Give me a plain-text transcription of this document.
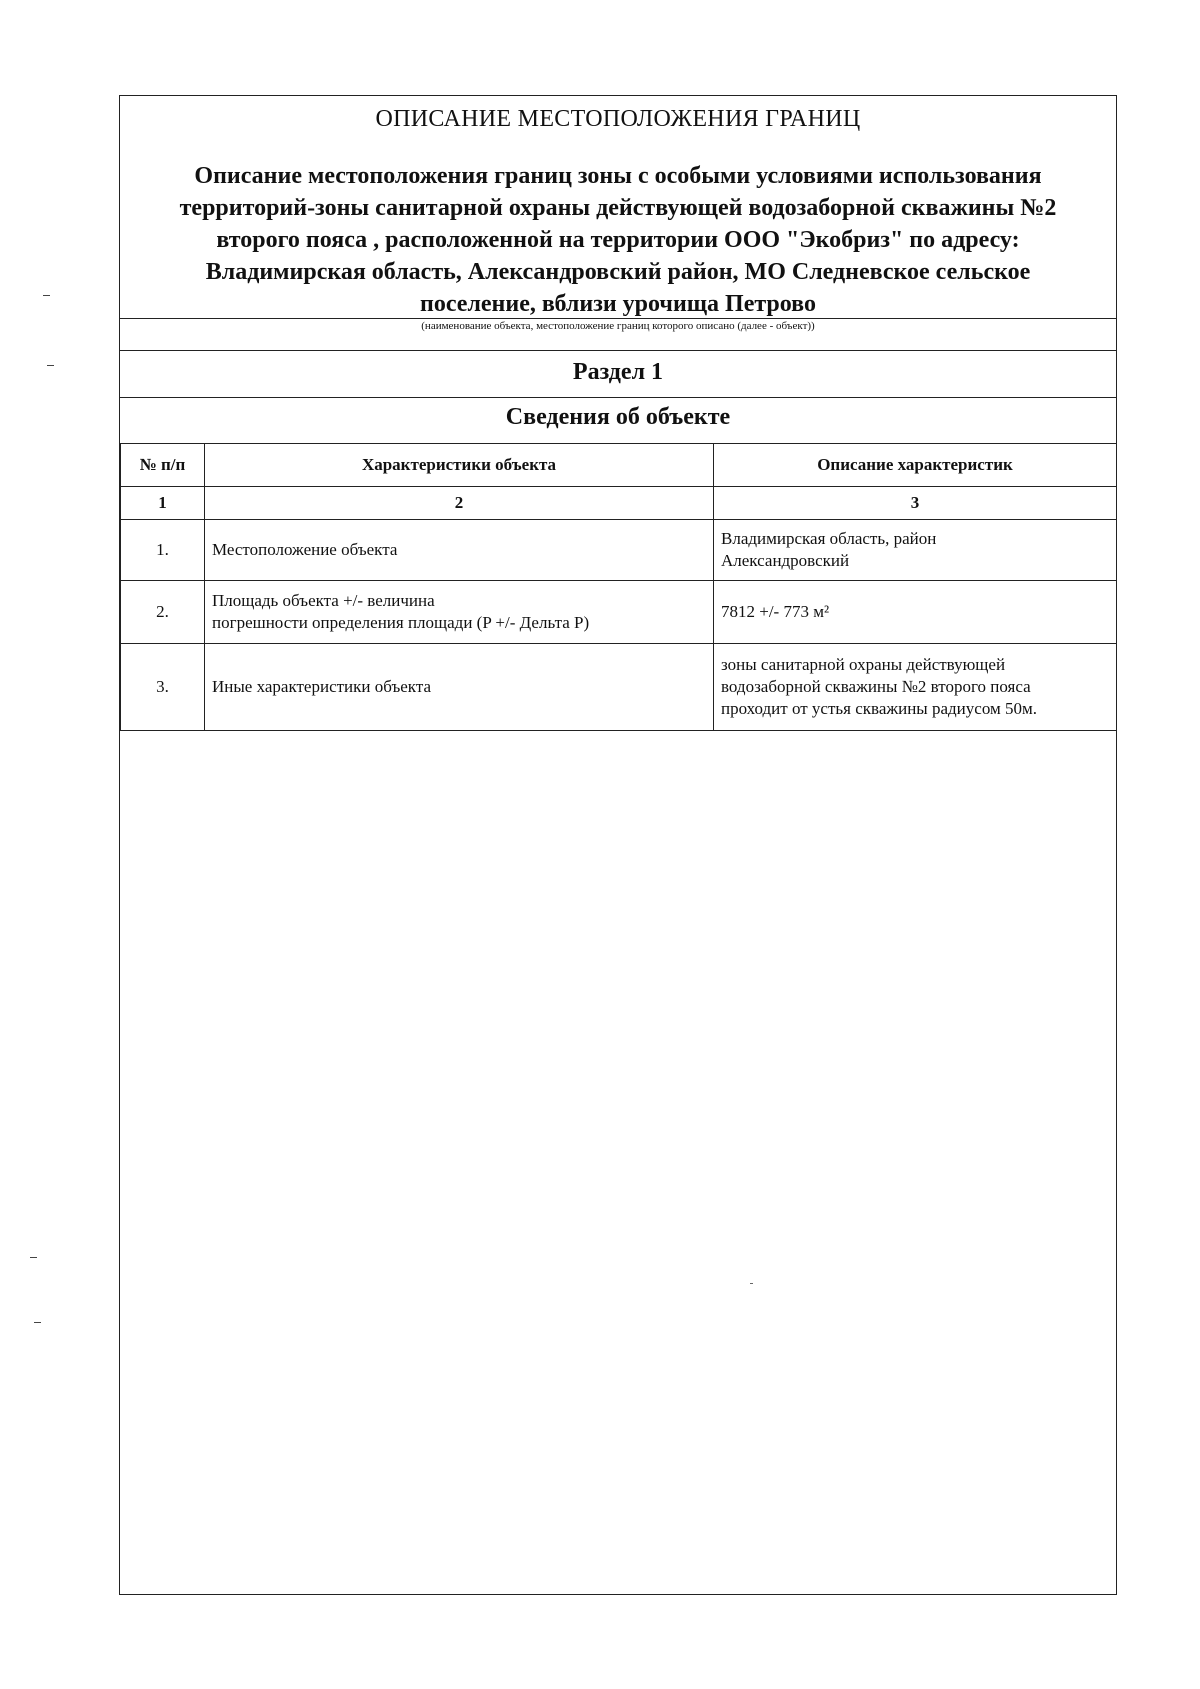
ОПИСАНИЕ МЕСТОПОЛОЖЕНИЯ ГРАНИЦ
Описание местоположения границ зоны с особыми условиями использования
территорий-зоны санитарной охраны действующей водозаборной скважины №2
второго пояса , расположенной на территории ООО "Экобриз" по адресу:
Владимирская область, Александровский район, МО Следневское сельское
поселение, вблизи урочища Петрово
(наименование объекта, местоположение границ которого описано (далее - объект))
Раздел 1
Сведения об объекте
№ п/п	Характеристики объекта	Описание характеристик
1	2	3
1.	Местоположение объекта	Владимирская область, район
Александровский

2.	Площадь объекта +/- величина
погрешности определения площади (P +/- Дельта P)	7812 +/- 773 м²

3.	Иные характеристики объекта	зоны санитарной охраны действующей
водозаборной скважины №2 второго пояса
проходит от устья скважины радиусом 50м.
